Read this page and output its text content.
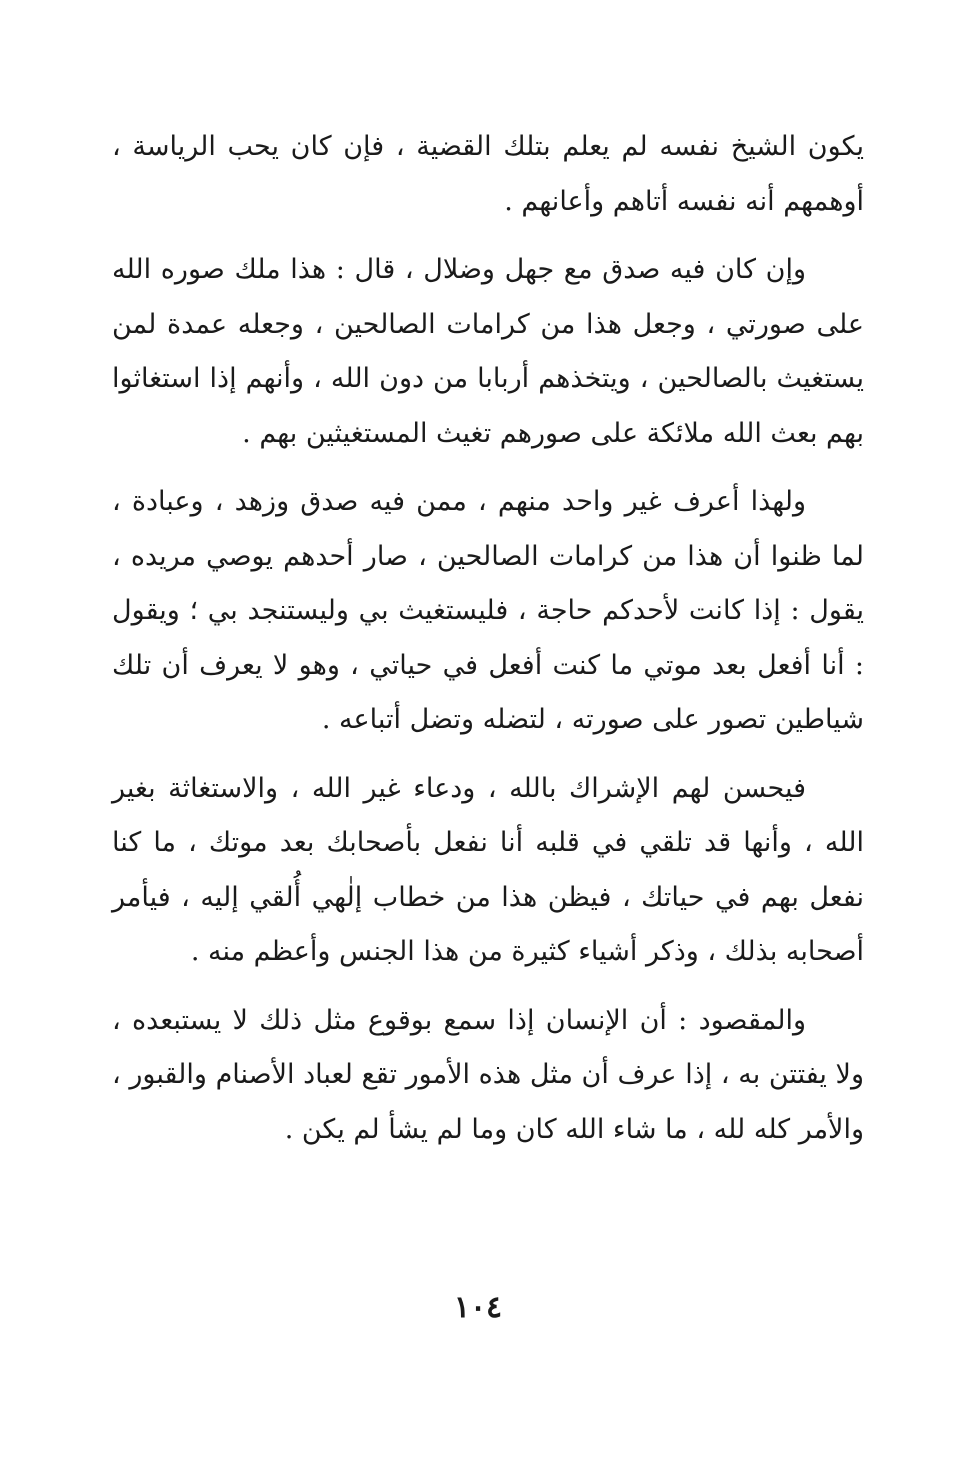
يكون الشيخ نفسه لم يعلم بتلك القضية ، فإن كان يحب الرياسة ، أوهمهم أنه نفسه أتاهم وأعانهم .

وإن كان فيه صدق مع جهل وضلال ، قال : هذا ملك صوره الله على صورتي ، وجعل هذا من كرامات الصالحين ، وجعله عمدة لمن يستغيث بالصالحين ، ويتخذهم أربابا من دون الله ، وأنهم إذا استغاثوا بهم بعث الله ملائكة على صورهم تغيث المستغيثين بهم .

ولهذا أعرف غير واحد منهم ، ممن فيه صدق وزهد ، وعبادة ، لما ظنوا أن هذا من كرامات الصالحين ، صار أحدهم يوصي مريده ، يقول : إذا كانت لأحدكم حاجة ، فليستغيث بي وليستنجد بي ؛ ويقول : أنا أفعل بعد موتي ما كنت أفعل في حياتي ، وهو لا يعرف أن تلك شياطين تصور على صورته ، لتضله وتضل أتباعه .

فيحسن لهم الإشراك بالله ، ودعاء غير الله ، والاستغاثة بغير الله ، وأنها قد تلقي في قلبه أنا نفعل بأصحابك بعد موتك ، ما كنا نفعل بهم في حياتك ، فيظن هذا من خطاب إلٰهي أُلقي إليه ، فيأمر أصحابه بذلك ، وذكر أشياء كثيرة من هذا الجنس وأعظم منه .

والمقصود : أن الإنسان إذا سمع بوقوع مثل ذلك لا يستبعده ، ولا يفتتن به ، إذا عرف أن مثل هذه الأمور تقع لعباد الأصنام والقبور ، والأمر كله لله ، ما شاء الله كان وما لم يشأ لم يكن .

١٠٤
